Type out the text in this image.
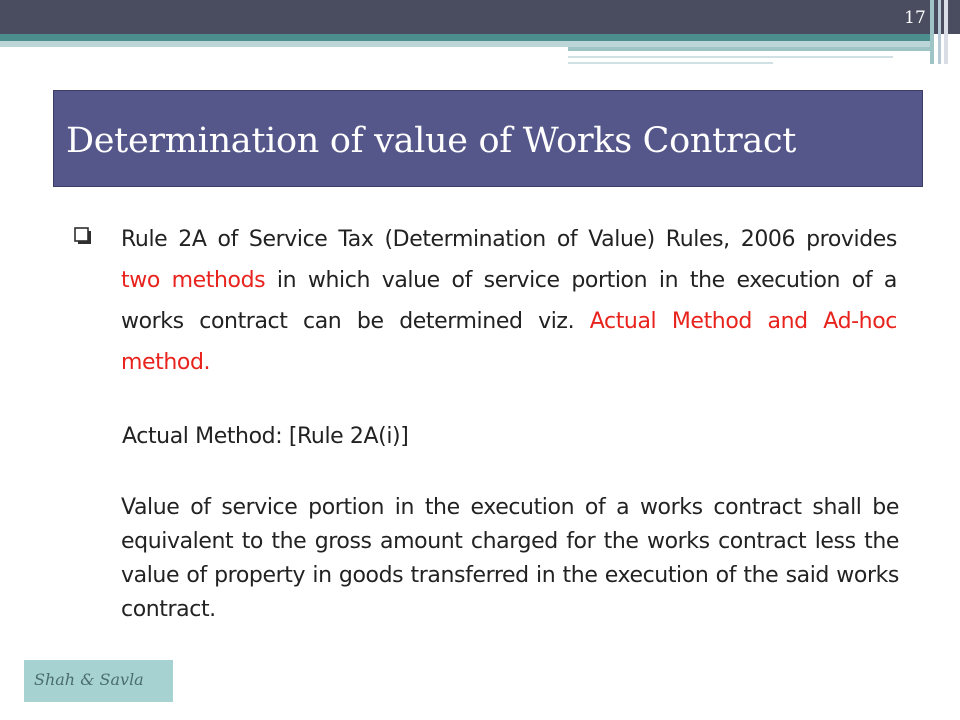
17
Determination of value of Works Contract
Rule 2A of Service Tax (Determination of Value) Rules, 2006 provides two methods in which value of service portion in the execution of a works contract can be determined viz. Actual Method and Ad-hoc method.
Actual Method: [Rule 2A(i)]
Value of service portion in the execution of a works contract shall be equivalent to the gross amount charged for the works contract less the value of property in goods transferred in the execution of the said works contract.
Shah & Savla
